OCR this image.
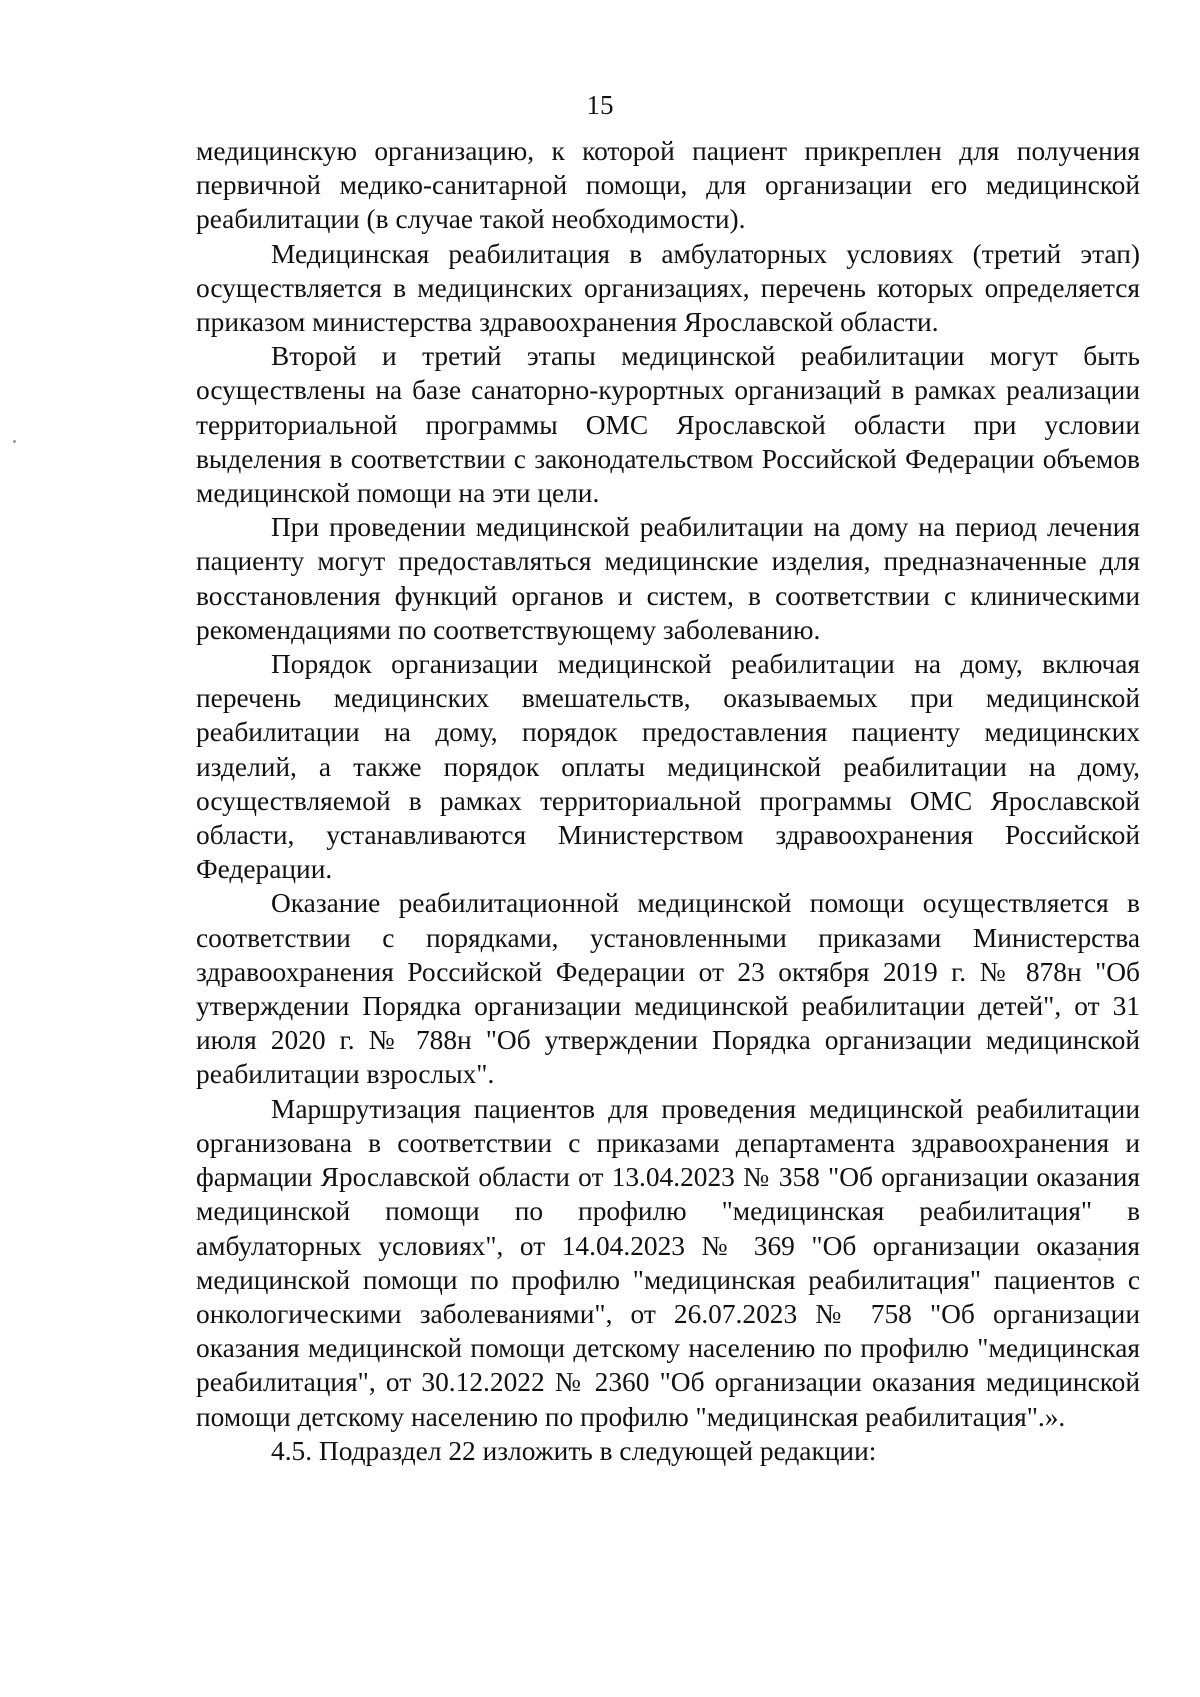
15

медицинскую организацию, к которой пациент прикреплен для получения первичной медико-санитарной помощи, для организации его медицинской реабилитации (в случае такой необходимости).

Медицинская реабилитация в амбулаторных условиях (третий этап) осуществляется в медицинских организациях, перечень которых определяется приказом министерства здравоохранения Ярославской области.

Второй и третий этапы медицинской реабилитации могут быть осуществлены на базе санаторно-курортных организаций в рамках реализации территориальной программы ОМС Ярославской области при условии выделения в соответствии с законодательством Российской Федерации объемов медицинской помощи на эти цели.

При проведении медицинской реабилитации на дому на период лечения пациенту могут предоставляться медицинские изделия, предназначенные для восстановления функций органов и систем, в соответствии с клиническими рекомендациями по соответствующему заболеванию.

Порядок организации медицинской реабилитации на дому, включая перечень медицинских вмешательств, оказываемых при медицинской реабилитации на дому, порядок предоставления пациенту медицинских изделий, а также порядок оплаты медицинской реабилитации на дому, осуществляемой в рамках территориальной программы ОМС Ярославской области, устанавливаются Министерством здравоохранения Российской Федерации.

Оказание реабилитационной медицинской помощи осуществляется в соответствии с порядками, установленными приказами Министерства здравоохранения Российской Федерации от 23 октября 2019 г. № 878н "Об утверждении Порядка организации медицинской реабилитации детей", от 31 июля 2020 г. № 788н "Об утверждении Порядка организации медицинской реабилитации взрослых".

Маршрутизация пациентов для проведения медицинской реабилитации организована в соответствии с приказами департамента здравоохранения и фармации Ярославской области от 13.04.2023 № 358 "Об организации оказания медицинской помощи по профилю "медицинская реабилитация" в амбулаторных условиях", от 14.04.2023 № 369 "Об организации оказания медицинской помощи по профилю "медицинская реабилитация" пациентов с онкологическими заболеваниями", от 26.07.2023 № 758 "Об организации оказания медицинской помощи детскому населению по профилю "медицинская реабилитация", от 30.12.2022 № 2360 "Об организации оказания медицинской помощи детскому населению по профилю "медицинская реабилитация".».

4.5. Подраздел 22 изложить в следующей редакции:
